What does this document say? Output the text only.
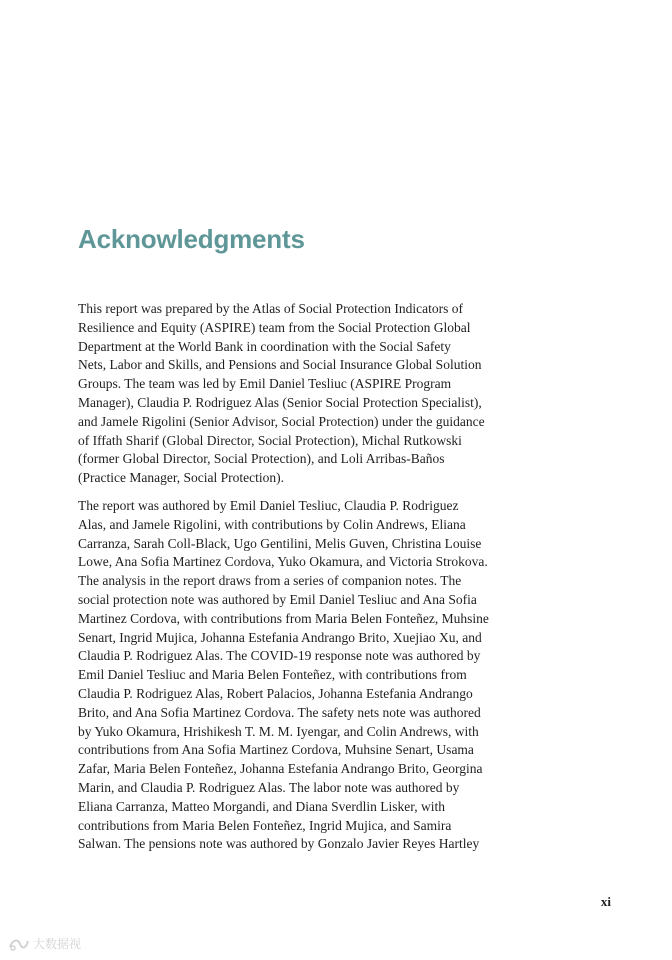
Acknowledgments

This report was prepared by the Atlas of Social Protection Indicators of
Resilience and Equity (ASPIRE) team from the Social Protection Global
Department at the World Bank in coordination with the Social Safety
Nets, Labor and Skills, and Pensions and Social Insurance Global Solution
Groups. The team was led by Emil Daniel Tesliuc (ASPIRE Program
Manager), Claudia P. Rodriguez Alas (Senior Social Protection Specialist),
and Jamele Rigolini (Senior Advisor, Social Protection) under the guidance
of Iffath Sharif (Global Director, Social Protection), Michal Rutkowski
(former Global Director, Social Protection), and Loli Arribas-Baños
(Practice Manager, Social Protection).

The report was authored by Emil Daniel Tesliuc, Claudia P. Rodriguez
Alas, and Jamele Rigolini, with contributions by Colin Andrews, Eliana
Carranza, Sarah Coll-Black, Ugo Gentilini, Melis Guven, Christina Louise
Lowe, Ana Sofia Martinez Cordova, Yuko Okamura, and Victoria Strokova.
The analysis in the report draws from a series of companion notes. The
social protection note was authored by Emil Daniel Tesliuc and Ana Sofia
Martinez Cordova, with contributions from Maria Belen Fonteñez, Muhsine
Senart, Ingrid Mujica, Johanna Estefania Andrango Brito, Xuejiao Xu, and
Claudia P. Rodriguez Alas. The COVID-19 response note was authored by
Emil Daniel Tesliuc and Maria Belen Fonteñez, with contributions from
Claudia P. Rodriguez Alas, Robert Palacios, Johanna Estefania Andrango
Brito, and Ana Sofia Martinez Cordova. The safety nets note was authored
by Yuko Okamura, Hrishikesh T. M. M. Iyengar, and Colin Andrews, with
contributions from Ana Sofia Martinez Cordova, Muhsine Senart, Usama
Zafar, Maria Belen Fonteñez, Johanna Estefania Andrango Brito, Georgina
Marin, and Claudia P. Rodriguez Alas. The labor note was authored by
Eliana Carranza, Matteo Morgandi, and Diana Sverdlin Lisker, with
contributions from Maria Belen Fonteñez, Ingrid Mujica, and Samira
Salwan. The pensions note was authored by Gonzalo Javier Reyes Hartley

xi
大数据视
